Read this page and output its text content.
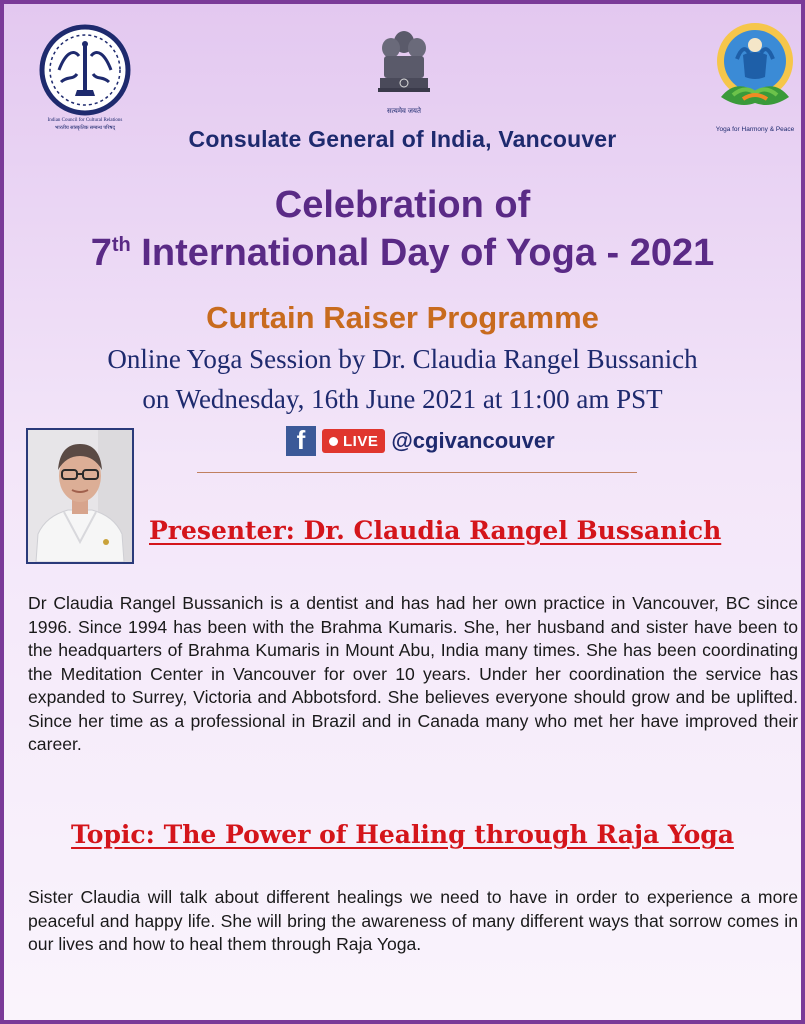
Indian Council for Cultural Relations
भारतीय सांस्कृतिक सम्बन्ध परिषद्
सत्यमेव जयते
Yoga for Harmony & Peace
Consulate General of India, Vancouver
Celebration of
7th International Day of Yoga - 2021
Curtain Raiser Programme
Online Yoga Session by Dr. Claudia Rangel Bussanich
on Wednesday, 16th June 2021 at 11:00 am PST
f	LIVE @cgivancouver
Presenter: Dr. Claudia Rangel Bussanich
Dr Claudia Rangel Bussanich is a dentist and has had her own practice in Vancouver, BC since 1996. Since 1994 has been with the Brahma Kumaris. She, her husband and sister have been to the headquarters of Brahma Kumaris in Mount Abu, India many times. She has been coordinating the Meditation Center in Vancouver for over 10 years. Under her coordination the service has expanded to Surrey, Victoria and Abbotsford. She believes everyone should grow and be uplifted. Since her time as a professional in Brazil and in Canada many who met her have improved their career.
Topic: The Power of Healing through Raja Yoga
Sister Claudia will talk about different healings we need to have in order to experience a more peaceful and happy life. She will bring the awareness of many different ways that sorrow comes in our lives and how to heal them through Raja Yoga.
